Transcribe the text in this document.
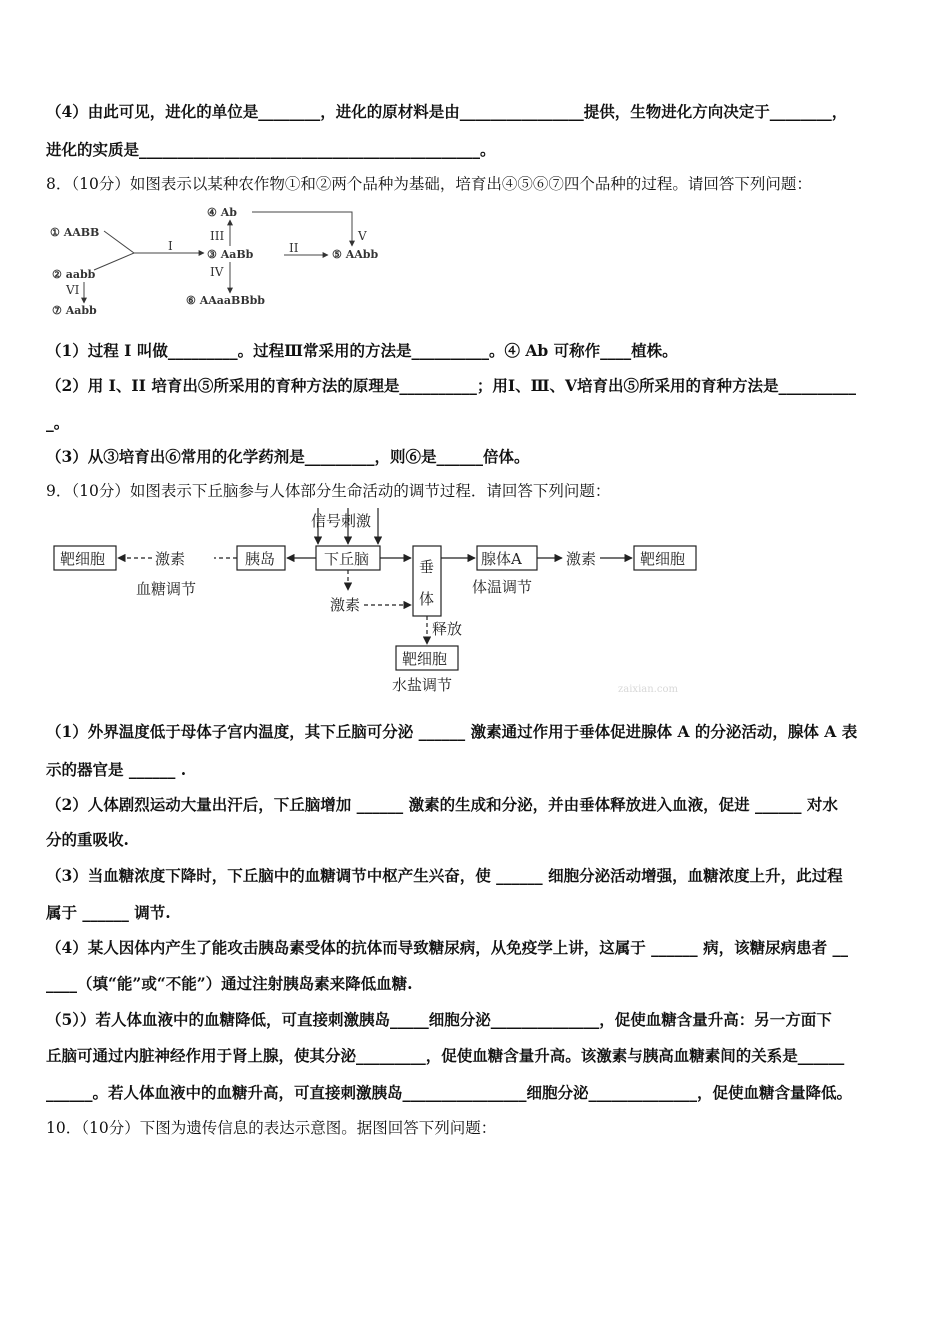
（4）由此可见，进化的单位是________，进化的原材料是由________________提供，生物进化方向决定于________，
进化的实质是____________________________________________。
8．（10分）如图表示以某种农作物①和②两个品种为基础，培育出④⑤⑥⑦四个品种的过程。请回答下列问题：
④ Ab
① AABB
③ AaBb	⑤ AAbb
② aabb
⑦ Aabb
⑥ AAaaBBbb
I	II
III
IV
V
VI
（1）过程 I 叫做_________。过程Ⅲ常采用的方法是__________。④ Ab 可称作____植株。
（2）用 I、II 培育出⑤所采用的育种方法的原理是__________；用Ⅰ、Ⅲ、Ⅴ培育出⑤所采用的育种方法是__________
_。
（3）从③培育出⑥常用的化学药剂是_________，则⑥是______倍体。
9．（10分）如图表示下丘脑参与人体部分生命活动的调节过程．请回答下列问题：
靶细胞	激素	胰岛	下丘脑
信号刺激
垂
体
腺体A	激素	靶细胞
激素
释放
靶细胞
血糖调节	体温调节
水盐调节	zaixian.com
（1）外界温度低于母体子宫内温度，其下丘脑可分泌 ______ 激素通过作用于垂体促进腺体 A 的分泌活动，腺体 A 表
示的器官是 ______ .
（2）人体剧烈运动大量出汗后，下丘脑增加 ______ 激素的生成和分泌，并由垂体释放进入血液，促进 ______ 对水
分的重吸收.
（3）当血糖浓度下降时，下丘脑中的血糖调节中枢产生兴奋，使 ______ 细胞分泌活动增强，血糖浓度上升，此过程
属于 ______ 调节.
（4）某人因体内产生了能攻击胰岛素受体的抗体而导致糖尿病，从免疫学上讲，这属于 ______ 病，该糖尿病患者 __
____（填“能”或“不能”）通过注射胰岛素来降低血糖.
（5））若人体血液中的血糖降低，可直接刺激胰岛_____细胞分泌______________，促使血糖含量升高：另一方面下
丘脑可通过内脏神经作用于肾上腺，使其分泌_________，促使血糖含量升高。该激素与胰高血糖素间的关系是______
______。若人体血液中的血糖升高，可直接刺激胰岛________________细胞分泌______________，促使血糖含量降低。
10．（10分）下图为遗传信息的表达示意图。据图回答下列问题：
